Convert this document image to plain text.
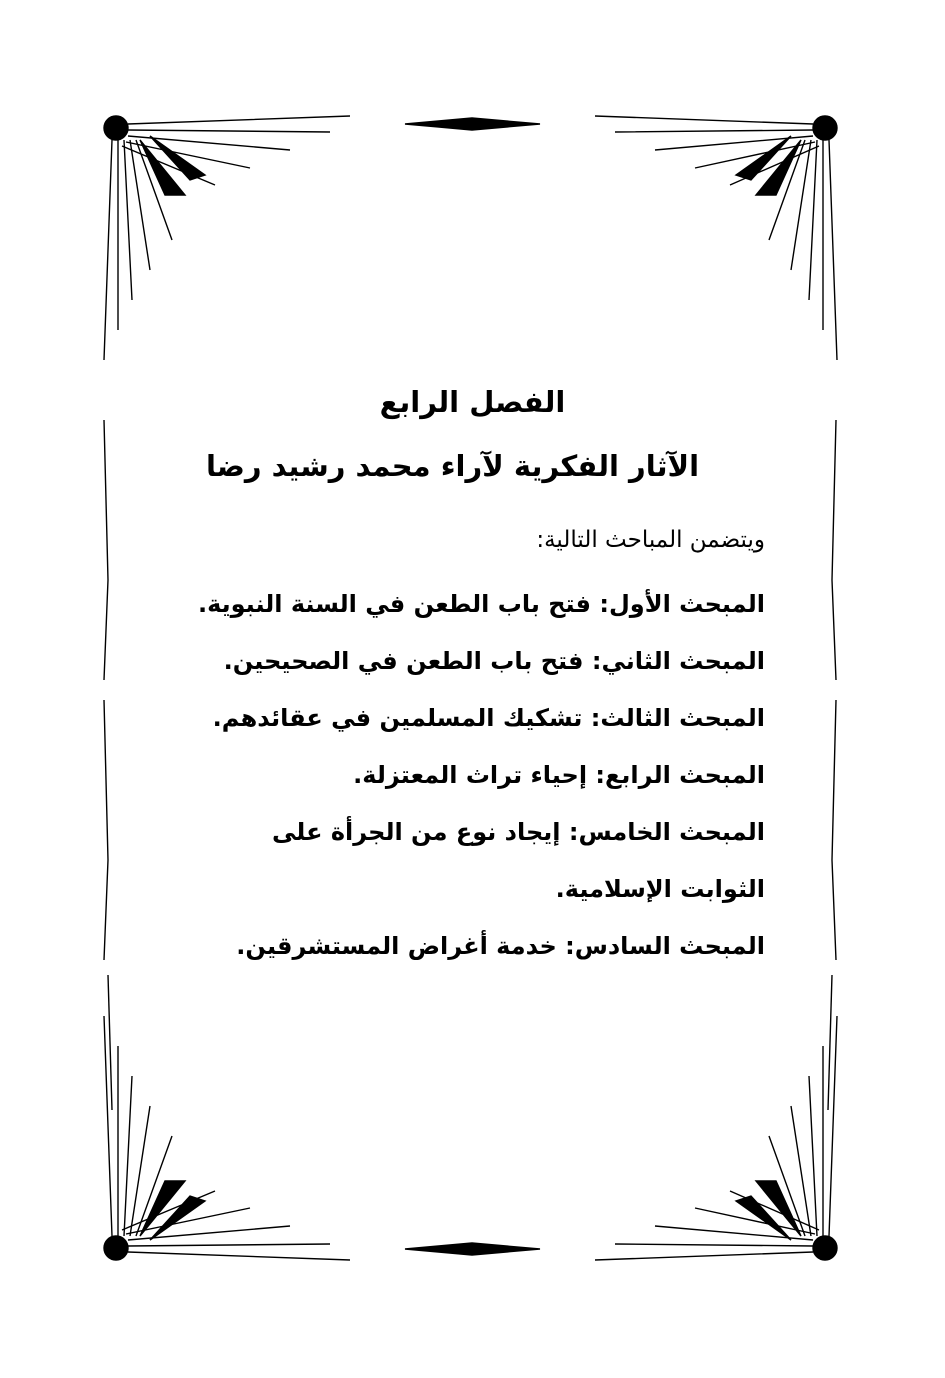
الفصل الرابع
الآثار الفكرية لآراء محمد رشيد رضا

ويتضمن المباحث التالية:

المبحث الأول: فتح باب الطعن في السنة النبوية.
المبحث الثاني: فتح باب الطعن في الصحيحين.
المبحث الثالث: تشكيك المسلمين في عقائدهم.
المبحث الرابع: إحياء تراث المعتزلة.
المبحث الخامس: إيجاد نوع من الجرأة على الثوابت الإسلامية.
المبحث السادس: خدمة أغراض المستشرقين.
